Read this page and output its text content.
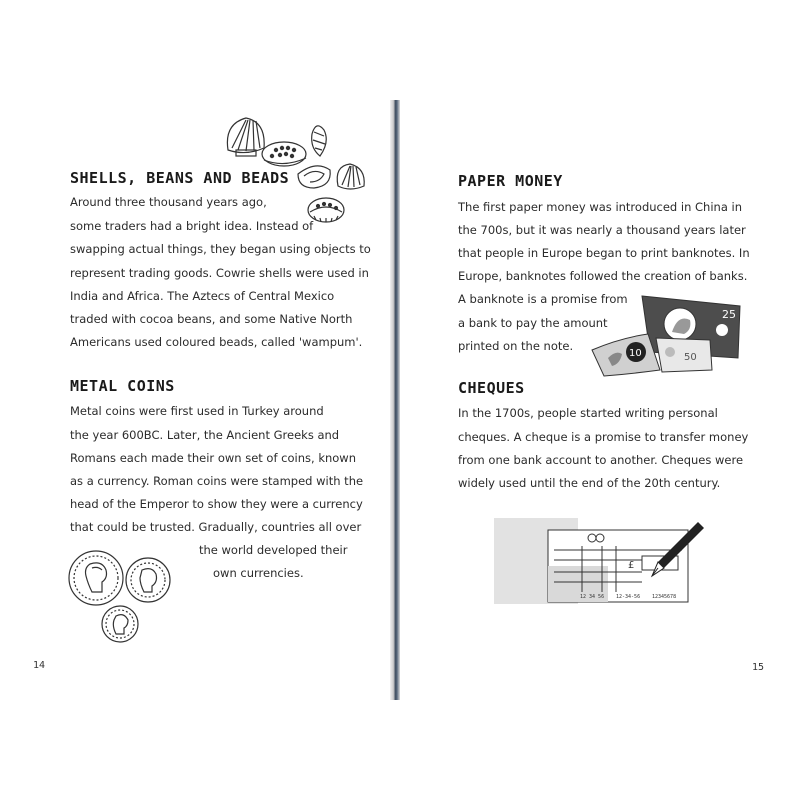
SHELLS, BEANS AND BEADS

Around three thousand years ago,

some traders had a bright idea. Instead of

swapping actual things, they began using objects to

represent trading goods. Cowrie shells were used in

India and Africa. The Aztecs of Central Mexico

traded with cocoa beans, and some Native North

Americans used coloured beads, called 'wampum'.

METAL COINS

Metal coins were first used in Turkey around

the year 600BC. Later, the Ancient Greeks and

Romans each made their own set of coins, known

as a currency. Roman coins were stamped with the

head of the Emperor to show they were a currency

that could be trusted. Gradually, countries all over

the world developed their

own currencies.

14

PAPER MONEY

The first paper money was introduced in China in

the 700s, but it was nearly a thousand years later

that people in Europe began to print banknotes. In

Europe, banknotes followed the creation of banks.

A banknote is a promise from

a bank to pay the amount

printed on the note.

25
10	50
CHEQUES

In the 1700s, people started writing personal

cheques. A cheque is a promise to transfer money

from one bank account to another. Cheques were

widely used until the end of the 20th century.

£
12 34 56 12-34-56 12345678

15
